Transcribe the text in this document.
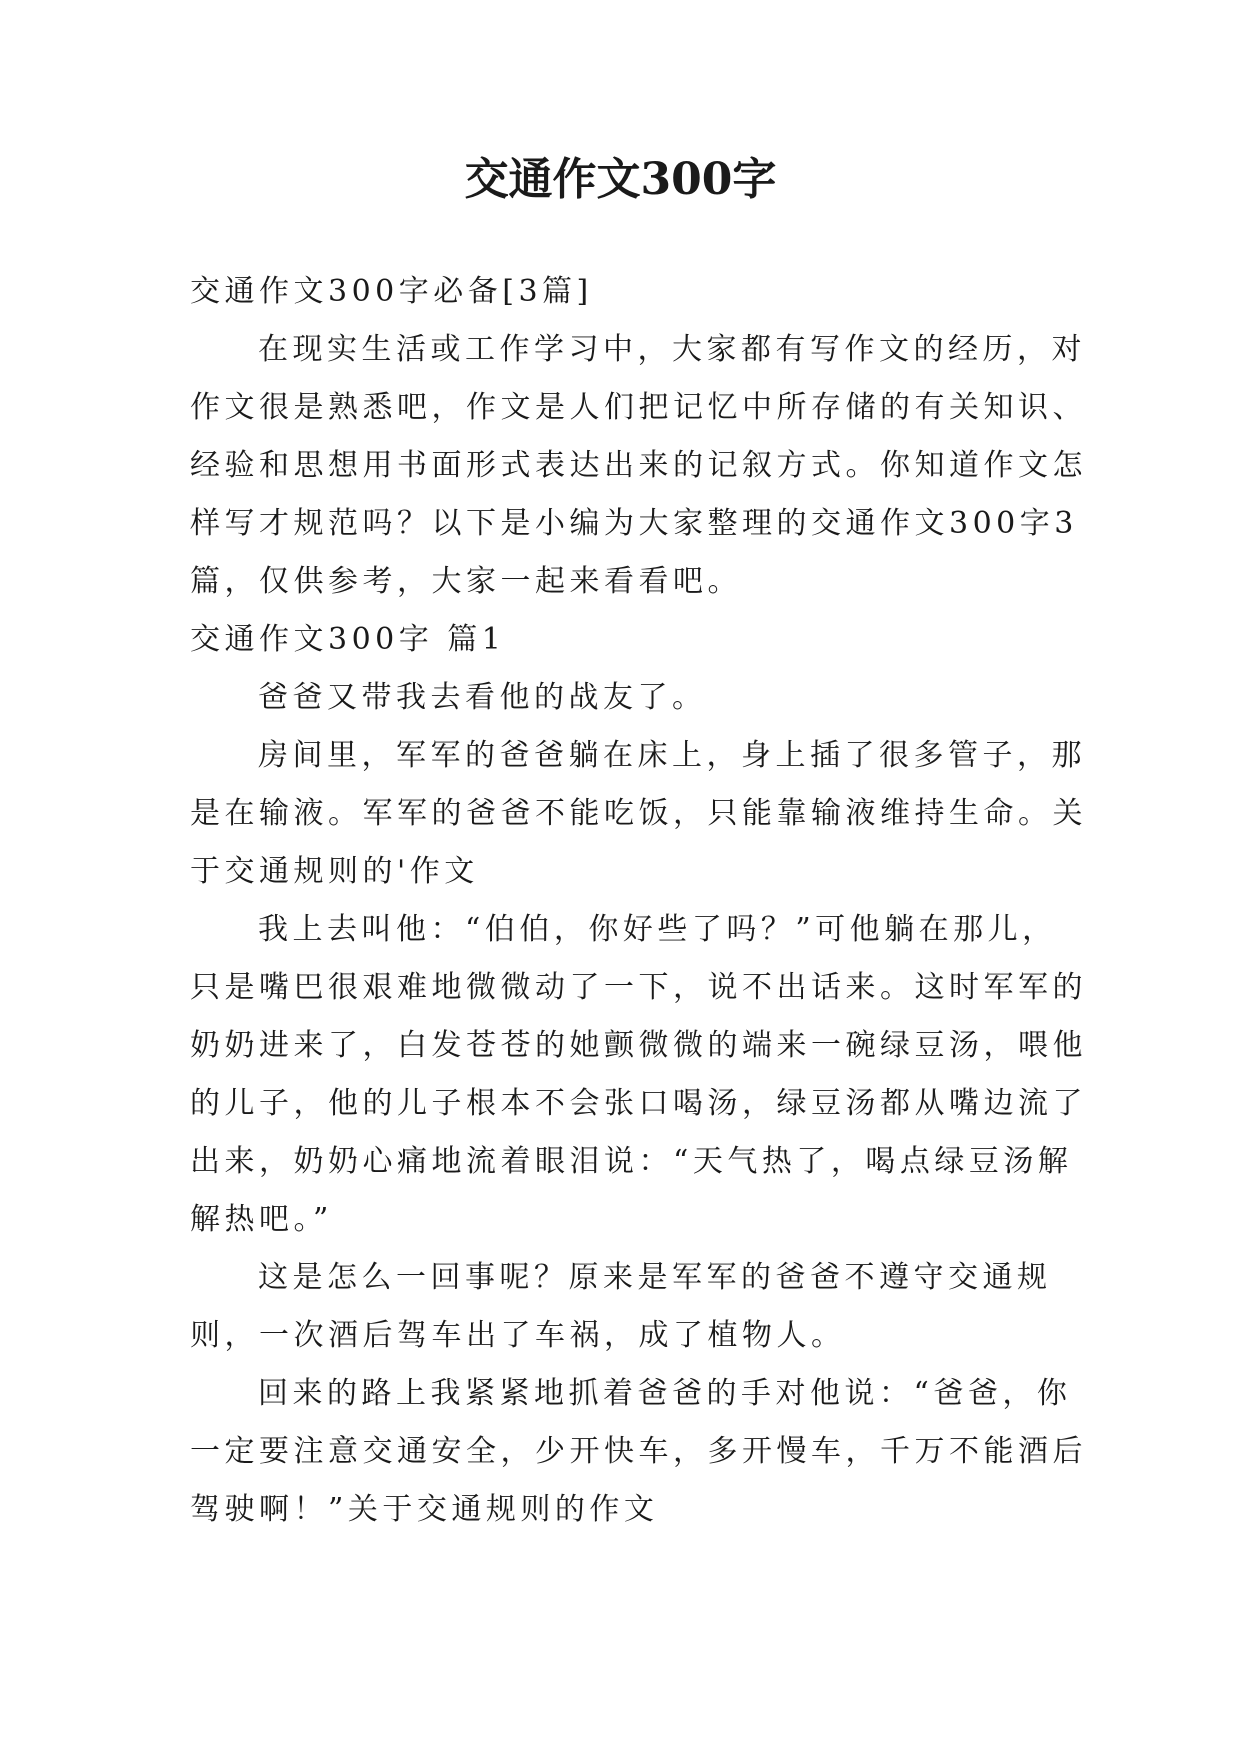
交通作文300字
交通作文300字必备[3篇]
在现实生活或工作学习中，大家都有写作文的经历，对
作文很是熟悉吧，作文是人们把记忆中所存储的有关知识、
经验和思想用书面形式表达出来的记叙方式。你知道作文怎
样写才规范吗？以下是小编为大家整理的交通作文300字3
篇，仅供参考，大家一起来看看吧。
交通作文300字 篇1
爸爸又带我去看他的战友了。
房间里，军军的爸爸躺在床上，身上插了很多管子，那
是在输液。军军的爸爸不能吃饭，只能靠输液维持生命。关
于交通规则的'作文
我上去叫他：“伯伯，你好些了吗？”可他躺在那儿，
只是嘴巴很艰难地微微动了一下，说不出话来。这时军军的
奶奶进来了，白发苍苍的她颤微微的端来一碗绿豆汤，喂他
的儿子，他的儿子根本不会张口喝汤，绿豆汤都从嘴边流了
出来，奶奶心痛地流着眼泪说：“天气热了，喝点绿豆汤解
解热吧。”
这是怎么一回事呢？原来是军军的爸爸不遵守交通规
则，一次酒后驾车出了车祸，成了植物人。
回来的路上我紧紧地抓着爸爸的手对他说：“爸爸，你
一定要注意交通安全，少开快车，多开慢车，千万不能酒后
驾驶啊！”关于交通规则的作文
